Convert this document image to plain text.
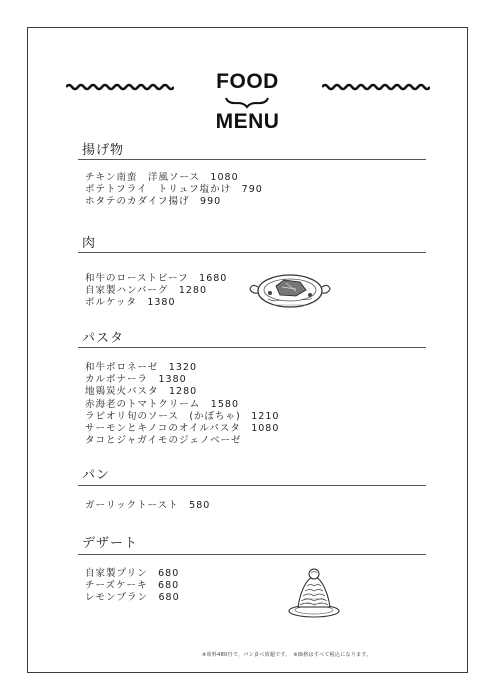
FOOD
MENU
揚げ物
チキン南蛮　洋風ソース　1080
ポテトフライ　トリュフ塩かけ　790
ホタテのカダイフ揚げ　990
肉
和牛のローストビーフ　1680
自家製ハンバーグ　1280
ポルケッタ　1380
パスタ
和牛ボロネーゼ　1320
カルボナーラ　1380
地鶏炭火パスタ　1280
赤海老のトマトクリーム　1580
ラビオリ旬のソース　(かぼちゃ)　1210
サーモンとキノコのオイルパスタ　1080
タコとジャガイモのジェノベーゼ
パン
ガーリックトースト　580
デザート
自家製プリン　680
チーズケーキ　680
レモンブラン　680
※席料480円で、パン食べ放題です。　※価格はすべて税込になります。
